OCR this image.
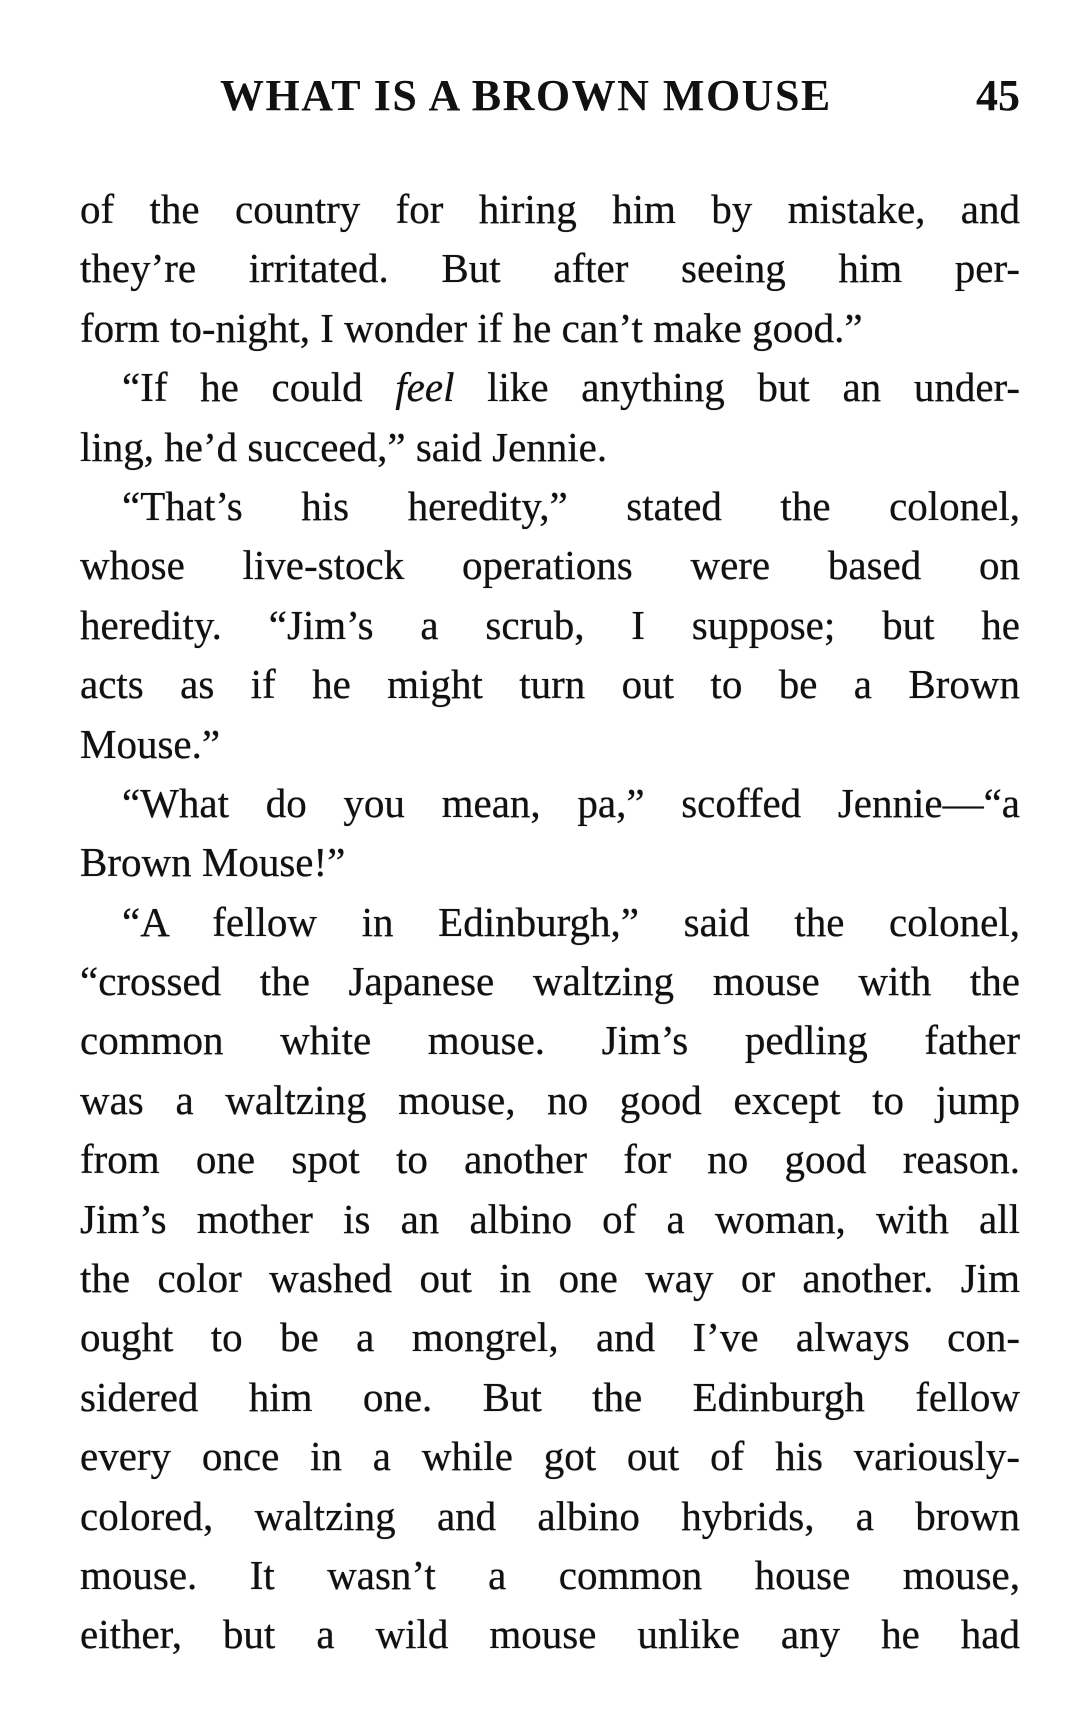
WHAT IS A BROWN MOUSE	45
of the country for hiring him by mistake, and
they’re irritated. But after seeing him per-
form to-night, I wonder if he can’t make good.”
“If he could feel like anything but an under-
ling, he’d succeed,” said Jennie.
“That’s his heredity,” stated the colonel,
whose live-stock operations were based on
heredity. “Jim’s a scrub, I suppose; but he
acts as if he might turn out to be a Brown
Mouse.”
“What do you mean, pa,” scoffed Jennie—“a
Brown Mouse!”
“A fellow in Edinburgh,” said the colonel,
“crossed the Japanese waltzing mouse with the
common white mouse. Jim’s pedling father
was a waltzing mouse, no good except to jump
from one spot to another for no good reason.
Jim’s mother is an albino of a woman, with all
the color washed out in one way or another. Jim
ought to be a mongrel, and I’ve always con-
sidered him one. But the Edinburgh fellow
every once in a while got out of his variously-
colored, waltzing and albino hybrids, a brown
mouse. It wasn’t a common house mouse,
either, but a wild mouse unlike any he had
